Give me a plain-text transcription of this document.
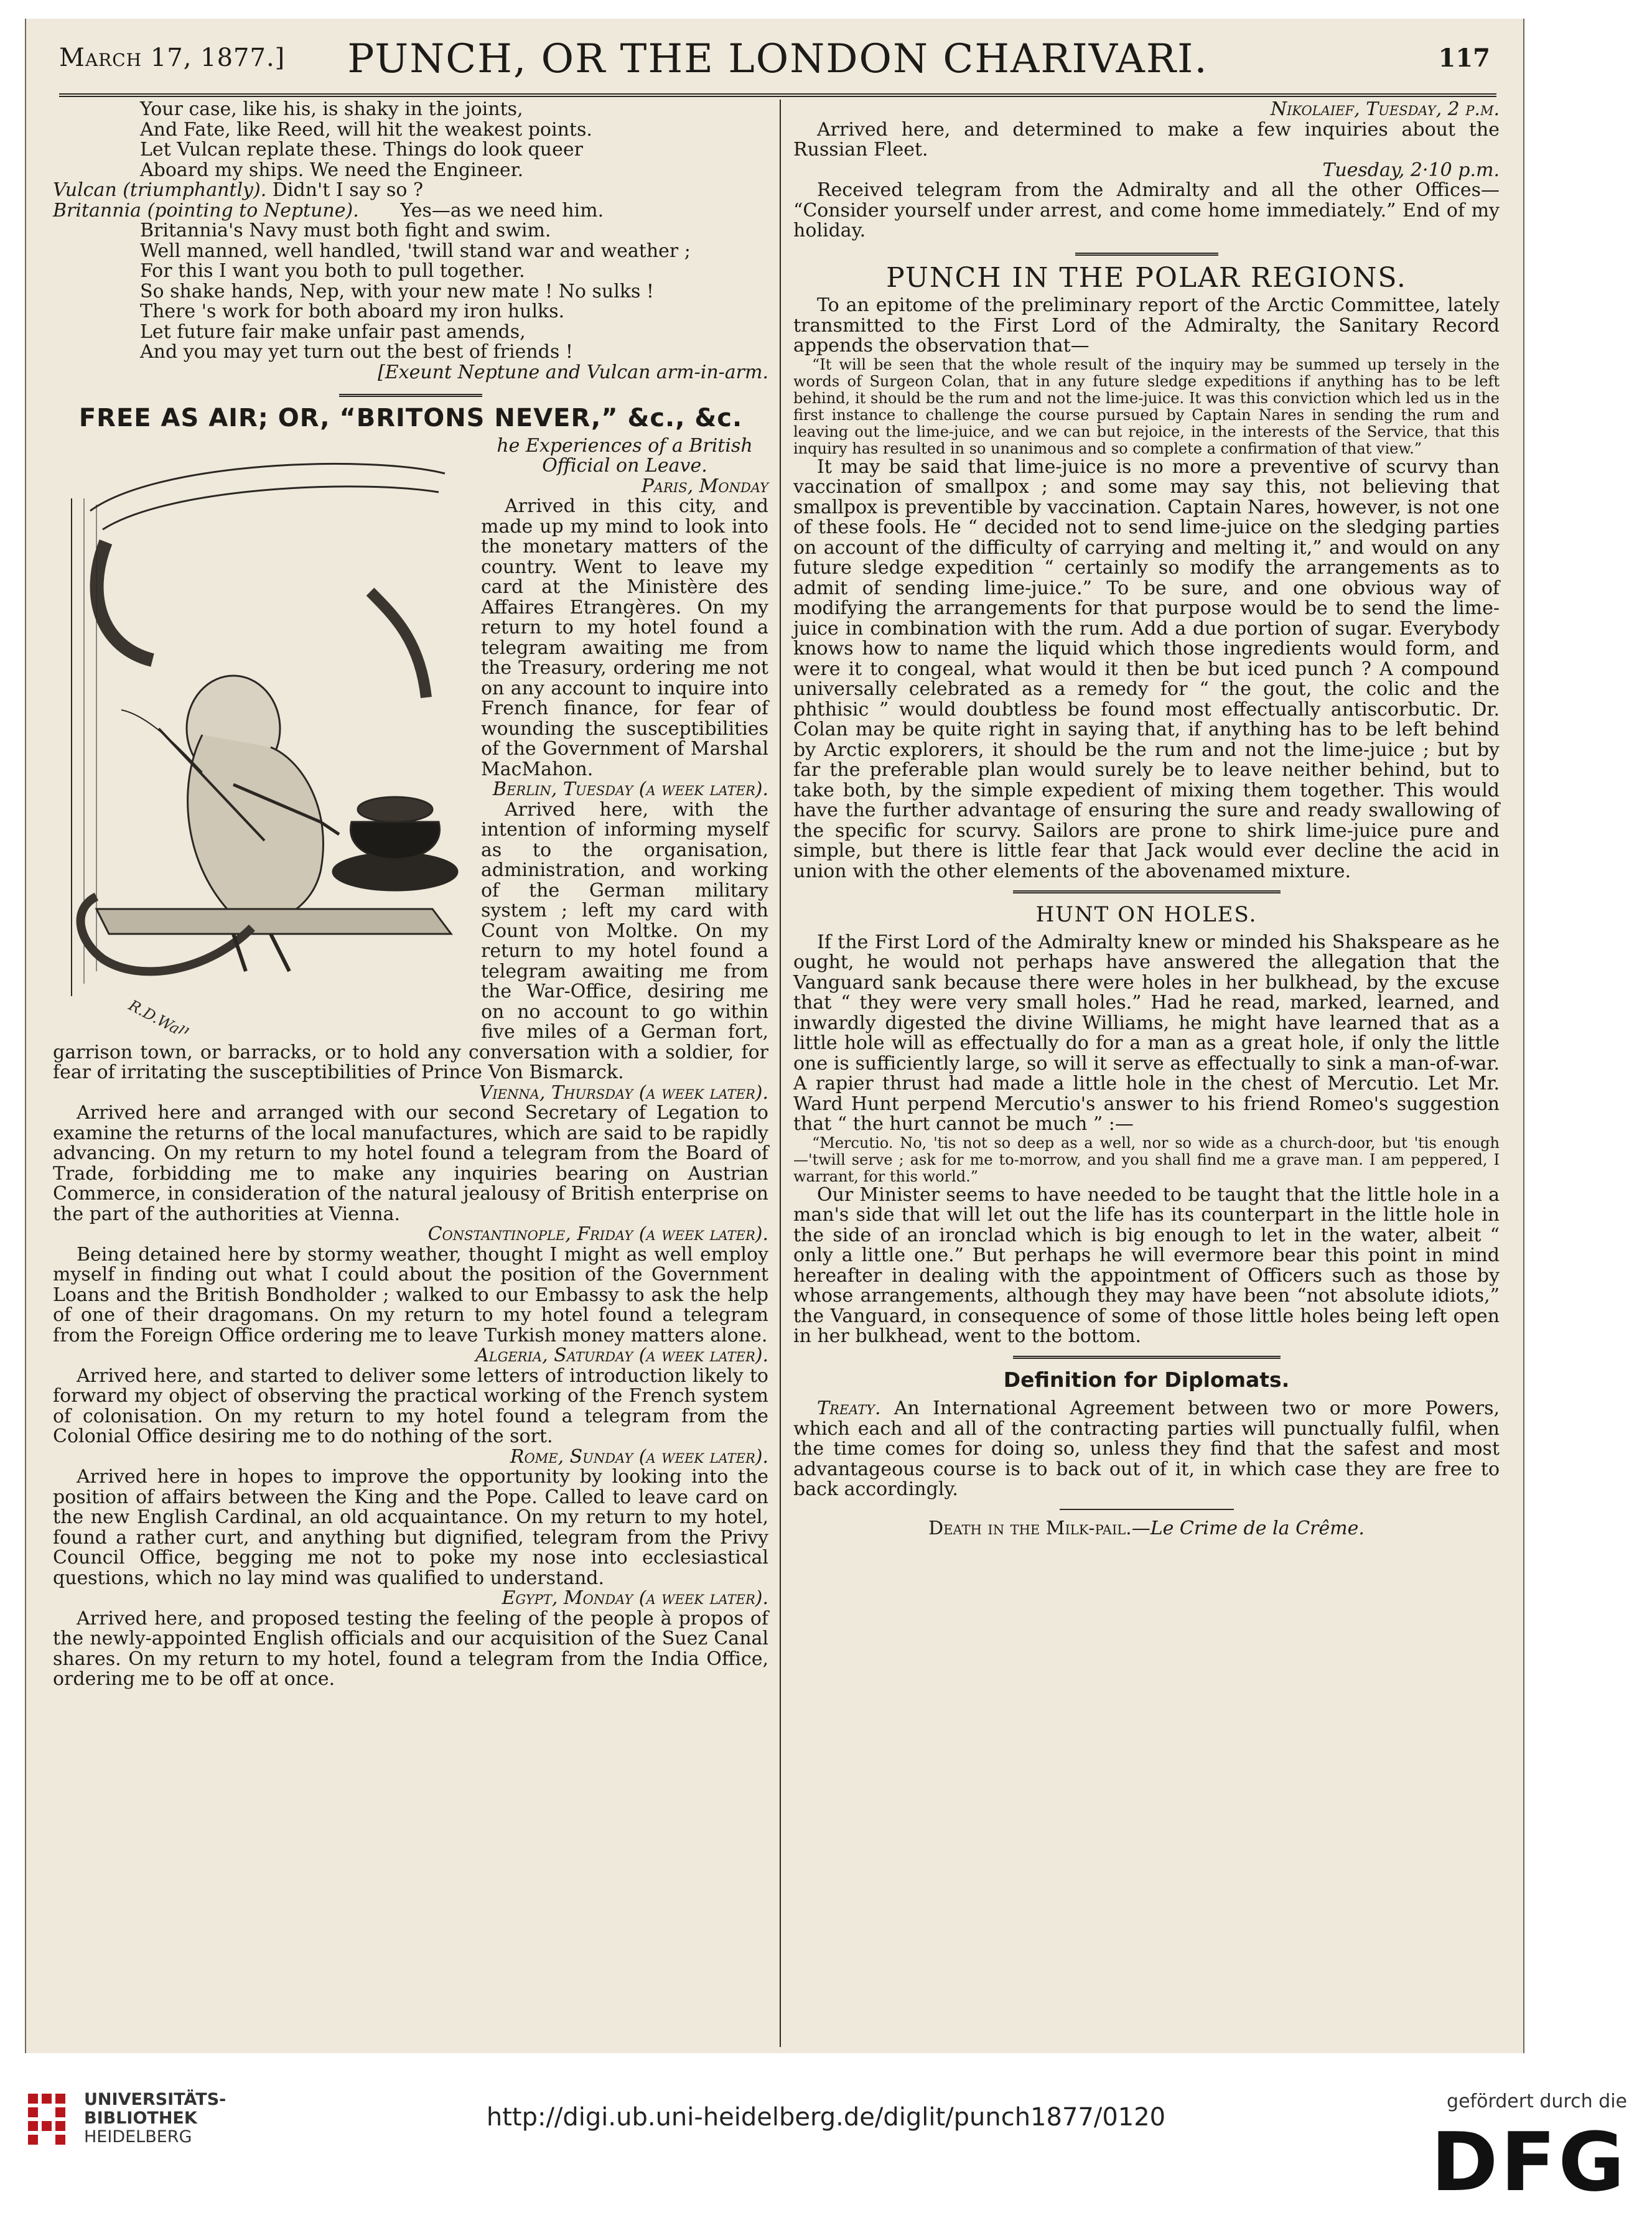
March 17, 1877.]	PUNCH, OR THE LONDON CHARIVARI.	117

Your case, like his, is shaky in the joints,

And Fate, like Reed, will hit the weakest points.

Let Vulcan replate these. Things do look queer

Aboard my ships. We need the Engineer.

Vulcan (triumphantly). Didn't I say so ?

Britannia (pointing to Neptune). Yes—as we need him.

Britannia's Navy must both fight and swim.

Well manned, well handled, 'twill stand war and weather ;

For this I want you both to pull together.

So shake hands, Nep, with your new mate ! No sulks !

There 's work for both aboard my iron hulks.

Let future fair make unfair past amends,

And you may yet turn out the best of friends !

[Exeunt Neptune and Vulcan arm-in-arm.

FREE AS AIR; OR, “BRITONS NEVER,” &c., &c.
R.D.Wallace

he Experiences of a British Official on Leave.

Paris, Monday

Arrived in this city, and made up my mind to look into the monetary matters of the country. Went to leave my card at the Ministère des Affaires Etrangères. On my return to my hotel found a telegram awaiting me from the Treasury, ordering me not on any account to inquire into French finance, for fear of wounding the susceptibilities of the Government of Marshal MacMahon.

Berlin, Tuesday (a week later).

Arrived here, with the intention of informing myself as to the organisation, administration, and working of the German military system ; left my card with Count von Moltke. On my return to my hotel found a telegram awaiting me from the War-Office, desiring me on no account to go within five miles of a German fort, garrison town, or barracks, or to hold any conversation with a soldier, for fear of irritating the susceptibilities of Prince Von Bismarck.

Vienna, Thursday (a week later).

Arrived here and arranged with our second Secretary of Legation to examine the returns of the local manufactures, which are said to be rapidly advancing. On my return to my hotel found a telegram from the Board of Trade, forbidding me to make any inquiries bearing on Austrian Commerce, in consideration of the natural jealousy of British enterprise on the part of the authorities at Vienna.

Constantinople, Friday (a week later).

Being detained here by stormy weather, thought I might as well employ myself in finding out what I could about the position of the Government Loans and the British Bondholder ; walked to our Embassy to ask the help of one of their dragomans. On my return to my hotel found a telegram from the Foreign Office ordering me to leave Turkish money matters alone.

Algeria, Saturday (a week later).

Arrived here, and started to deliver some letters of introduction likely to forward my object of observing the practical working of the French system of colonisation. On my return to my hotel found a telegram from the Colonial Office desiring me to do nothing of the sort.

Rome, Sunday (a week later).

Arrived here in hopes to improve the opportunity by looking into the position of affairs between the King and the Pope. Called to leave card on the new English Cardinal, an old acquaintance. On my return to my hotel, found a rather curt, and anything but dignified, telegram from the Privy Council Office, begging me not to poke my nose into ecclesiastical questions, which no lay mind was qualified to understand.

Egypt, Monday (a week later).

Arrived here, and proposed testing the feeling of the people à propos of the newly-appointed English officials and our acquisition of the Suez Canal shares. On my return to my hotel, found a telegram from the India Office, ordering me to be off at once.

Nikolaief, Tuesday, 2 p.m.

Arrived here, and determined to make a few inquiries about the Russian Fleet.

Tuesday, 2·10 p.m.

Received telegram from the Admiralty and all the other Offices— “Consider yourself under arrest, and come home immediately.” End of my holiday.

PUNCH IN THE POLAR REGIONS.

To an epitome of the preliminary report of the Arctic Committee, lately transmitted to the First Lord of the Admiralty, the Sanitary Record appends the observation that—

“It will be seen that the whole result of the inquiry may be summed up tersely in the words of Surgeon Colan, that in any future sledge expeditions if anything has to be left behind, it should be the rum and not the lime-juice. It was this conviction which led us in the first instance to challenge the course pursued by Captain Nares in sending the rum and leaving out the lime-juice, and we can but rejoice, in the interests of the Service, that this inquiry has resulted in so unanimous and so complete a confirmation of that view.”

It may be said that lime-juice is no more a preventive of scurvy than vaccination of smallpox ; and some may say this, not believing that smallpox is preventible by vaccination. Captain Nares, however, is not one of these fools. He “ decided not to send lime-juice on the sledging parties on account of the difficulty of carrying and melting it,” and would on any future sledge expedition “ certainly so modify the arrangements as to admit of sending lime-juice.” To be sure, and one obvious way of modifying the arrangements for that purpose would be to send the lime-juice in combination with the rum. Add a due portion of sugar. Everybody knows how to name the liquid which those ingredients would form, and were it to congeal, what would it then be but iced punch ? A compound universally celebrated as a remedy for “ the gout, the colic and the phthisic ” would doubtless be found most effectually antiscorbutic. Dr. Colan may be quite right in saying that, if anything has to be left behind by Arctic explorers, it should be the rum and not the lime-juice ; but by far the preferable plan would surely be to leave neither behind, but to take both, by the simple expedient of mixing them together. This would have the further advantage of ensuring the sure and ready swallowing of the specific for scurvy. Sailors are prone to shirk lime-juice pure and simple, but there is little fear that Jack would ever decline the acid in union with the other elements of the abovenamed mixture.

HUNT ON HOLES.

If the First Lord of the Admiralty knew or minded his Shakspeare as he ought, he would not perhaps have answered the allegation that the Vanguard sank because there were holes in her bulkhead, by the excuse that “ they were very small holes.” Had he read, marked, learned, and inwardly digested the divine Williams, he might have learned that as a little hole will as effectually do for a man as a great hole, if only the little one is sufficiently large, so will it serve as effectually to sink a man-of-war. A rapier thrust had made a little hole in the chest of Mercutio. Let Mr. Ward Hunt perpend Mercutio's answer to his friend Romeo's suggestion that “ the hurt cannot be much ” :—

“Mercutio. No, 'tis not so deep as a well, nor so wide as a church-door, but 'tis enough—'twill serve ; ask for me to-morrow, and you shall find me a grave man. I am peppered, I warrant, for this world.”

Our Minister seems to have needed to be taught that the little hole in a man's side that will let out the life has its counterpart in the little hole in the side of an ironclad which is big enough to let in the water, albeit “ only a little one.” But perhaps he will evermore bear this point in mind hereafter in dealing with the appointment of Officers such as those by whose arrangements, although they may have been “not absolute idiots,” the Vanguard, in consequence of some of those little holes being left open in her bulkhead, went to the bottom.

Definition for Diplomats.

Treaty. An International Agreement between two or more Powers, which each and all of the contracting parties will punctually fulfil, when the time comes for doing so, unless they find that the safest and most advantageous course is to back out of it, in which case they are free to back accordingly.

Death in the Milk-pail.—Le Crime de la Crême.

UNIVERSITÄTS-
BIBLIOTHEK
HEIDELBERG
http://digi.ub.uni-heidelberg.de/diglit/punch1877/0120
gefördert durch die
DFG
